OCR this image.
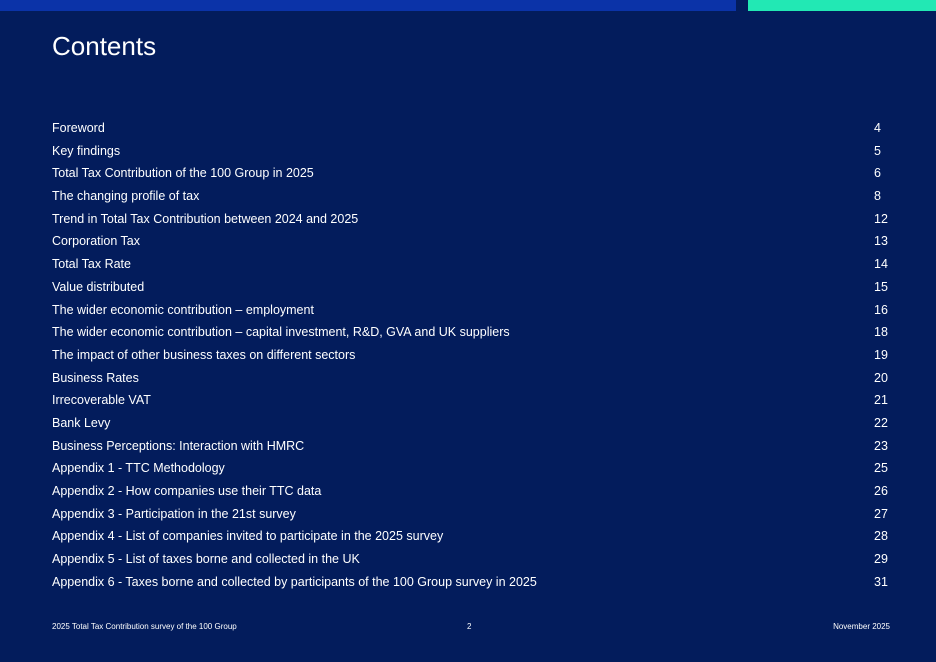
Contents
Foreword	4
Key findings	5
Total Tax Contribution of the 100 Group in 2025	6
The changing profile of tax	8
Trend in Total Tax Contribution between 2024 and 2025	12
Corporation Tax	13
Total Tax Rate	14
Value distributed	15
The wider economic contribution – employment	16
The wider economic contribution – capital investment, R&D, GVA and UK suppliers	18
The impact of other business taxes on different sectors	19
Business Rates	20
Irrecoverable VAT	21
Bank Levy	22
Business Perceptions: Interaction with HMRC	23
Appendix 1 - TTC Methodology	25
Appendix 2 - How companies use their TTC data	26
Appendix 3 - Participation in the 21st survey	27
Appendix 4 - List of companies invited to participate in the 2025 survey	28
Appendix 5 - List of taxes borne and collected in the UK	29
Appendix 6 - Taxes borne and collected by participants of the 100 Group survey in 2025	31
2025 Total Tax Contribution survey of the 100 Group	2	November 2025
